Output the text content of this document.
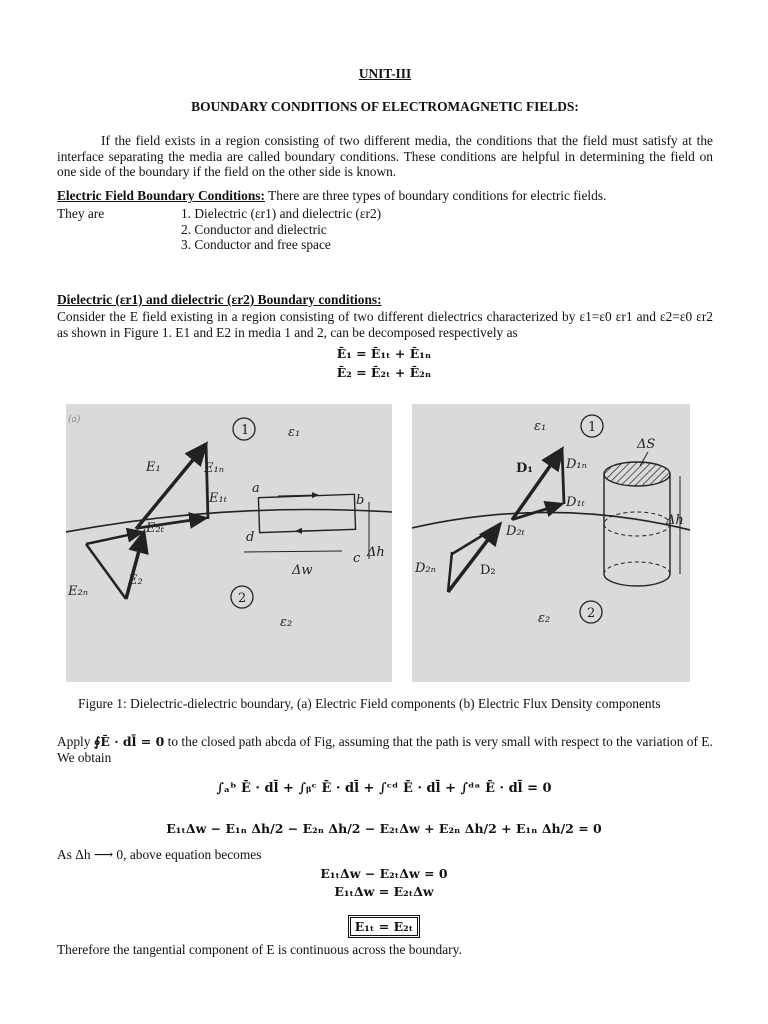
UNIT-III
BOUNDARY CONDITIONS OF ELECTROMAGNETIC FIELDS:
If the field exists in a region consisting of two different media, the conditions that the field must satisfy at the interface separating the media are called boundary conditions. These conditions are helpful in determining the field on one side of the boundary if the field on the other side is known.
Electric Field Boundary Conditions: There are three types of boundary conditions for electric fields.
They are	1. Dielectric (εr1) and dielectric (εr2)
2. Conductor and dielectric
3. Conductor and free space
Dielectric (εr1) and dielectric (εr2) Boundary conditions:
Consider the E field existing in a region consisting of two different dielectrics characterized by ε1=ε0 εr1 and ε2=ε0 εr2 as shown in Figure 1. E1 and E2 in media 1 and 2, can be decomposed respectively as
Ē₁ = Ē₁ₜ + Ē₁ₙ
Ē₂ = Ē₂ₜ + Ē₂ₙ
1
2
ε₁
ε₂
E₁	E₁ₙ
E₁ₜ
E₂ₜ
E₂
E₂ₙ
a
b
c
d
Δw
Δh
(a)	1
2
ε₁
ε₂
D₁	D₁ₙ
D₁ₜ
D₂ₜ
D₂ₙ	D₂
ΔS
Δh
Figure 1: Dielectric-dielectric boundary, (a) Electric Field components (b) Electric Flux Density components
Apply ∮Ē · dl̄ = 0 to the closed path abcda of Fig, assuming that the path is very small with respect to the variation of E. We obtain
∫ₐᵇ Ē · dl̄ + ∫ᵦᶜ Ē · dl̄ + ∫ᶜᵈ Ē · dl̄ + ∫ᵈᵃ Ē · dl̄ = 0
E₁ₜΔw − E₁ₙ Δh/2 − E₂ₙ Δh/2 − E₂ₜΔw + E₂ₙ Δh/2 + E₁ₙ Δh/2 = 0
As Δh ⟶ 0, above equation becomes
E₁ₜΔw − E₂ₜΔw = 0
E₁ₜΔw = E₂ₜΔw
E₁ₜ = E₂ₜ
Therefore the tangential component of E is continuous across the boundary.
